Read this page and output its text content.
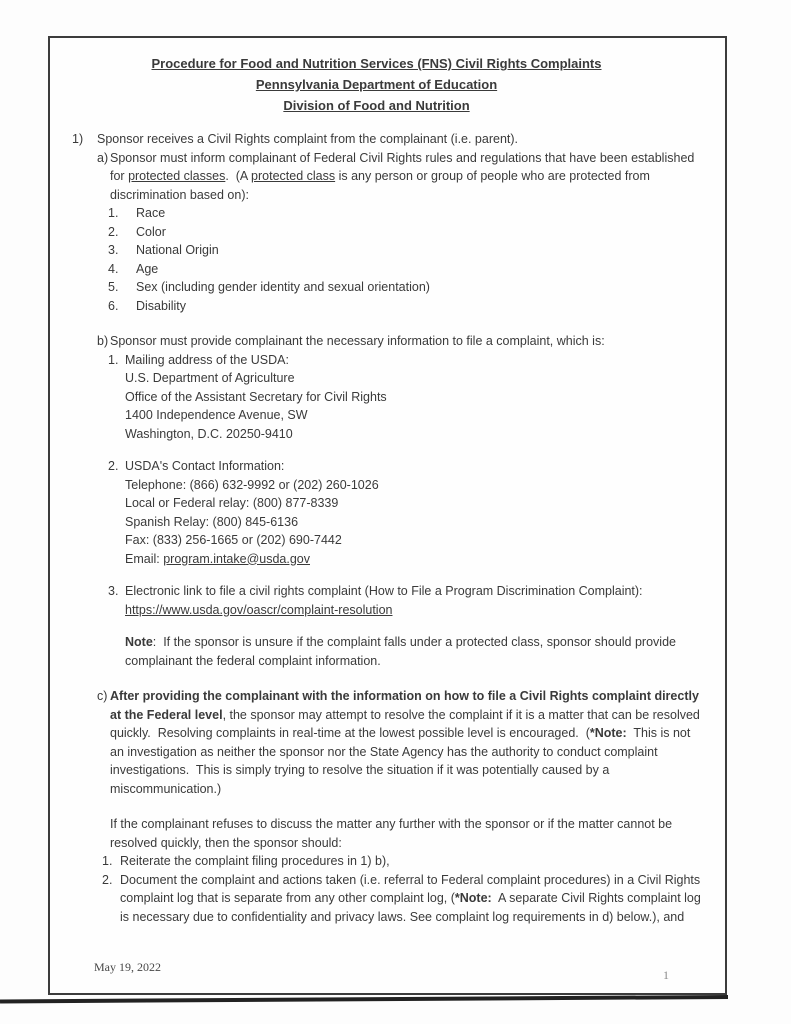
Procedure for Food and Nutrition Services (FNS) Civil Rights Complaints
Pennsylvania Department of Education
Division of Food and Nutrition
1)	Sponsor receives a Civil Rights complaint from the complainant (i.e. parent).
a) Sponsor must inform complainant of Federal Civil Rights rules and regulations that have been established for protected classes.  (A protected class is any person or group of people who are protected from discrimination based on):
1.	Race
2.	Color
3.	National Origin
4.	Age
5.	Sex (including gender identity and sexual orientation)
6.	Disability
b) Sponsor must provide complainant the necessary information to file a complaint, which is:
1. Mailing address of the USDA:
U.S. Department of Agriculture
Office of the Assistant Secretary for Civil Rights
1400 Independence Avenue, SW
Washington, D.C. 20250-9410
2. USDA's Contact Information:
Telephone: (866) 632-9992 or (202) 260-1026
Local or Federal relay: (800) 877-8339
Spanish Relay: (800) 845-6136
Fax: (833) 256-1665 or (202) 690-7442
Email: program.intake@usda.gov
3. Electronic link to file a civil rights complaint (How to File a Program Discrimination Complaint):
https://www.usda.gov/oascr/complaint-resolution
Note:  If the sponsor is unsure if the complaint falls under a protected class, sponsor should provide complainant the federal complaint information.
c) After providing the complainant with the information on how to file a Civil Rights complaint directly at the Federal level, the sponsor may attempt to resolve the complaint if it is a matter that can be resolved quickly.  Resolving complaints in real-time at the lowest possible level is encouraged.  (*Note:  This is not an investigation as neither the sponsor nor the State Agency has the authority to conduct complaint investigations.  This is simply trying to resolve the situation if it was potentially caused by a miscommunication.)
If the complainant refuses to discuss the matter any further with the sponsor or if the matter cannot be resolved quickly, then the sponsor should:
1. Reiterate the complaint filing procedures in 1) b),
2. Document the complaint and actions taken (i.e. referral to Federal complaint procedures) in a Civil Rights complaint log that is separate from any other complaint log, (*Note:  A separate Civil Rights complaint log is necessary due to confidentiality and privacy laws. See complaint log requirements in d) below.), and
May 19, 2022
1
